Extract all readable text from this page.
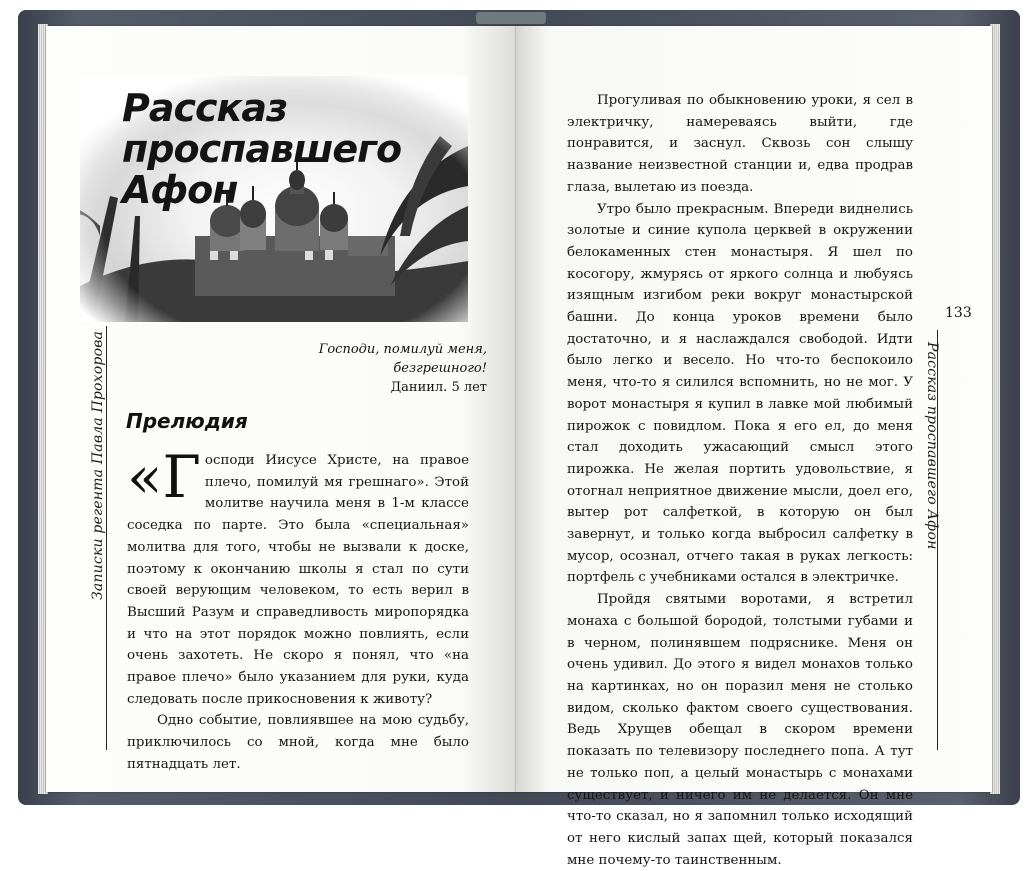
Записки регента Павла Прохорова
Рассказ
проспавшего
Афон
Господи, помилуй меня,
безгрешного!
Даниил. 5 лет
Прелюдия

«Господи Иисусе Христе, на правое плечо, помилуй мя грешнаго». Этой молитве научила меня в 1-м классе соседка по парте. Это была «специальная» молитва для того, чтобы не вызвали к доске, поэтому к окончанию школы я стал по сути своей верующим человеком, то есть верил в Высший Разум и справедливость миропорядка и что на этот порядок можно повлиять, если очень захотеть. Не скоро я понял, что «на правое плечо» было указанием для руки, куда следовать после прикосновения к животу?

Одно событие, повлиявшее на мою судьбу, приключилось со мной, когда мне было пятнадцать лет.

133
Рассказ проспавшего Афон

Прогуливая по обыкновению уроки, я сел в электричку, намереваясь выйти, где понравится, и заснул. Сквозь сон слышу название неизвестной станции и, едва продрав глаза, вылетаю из поезда.

Утро было прекрасным. Впереди виднелись золотые и синие купола церквей в окружении белокаменных стен монастыря. Я шел по косогору, жмурясь от яркого солнца и любуясь изящным изгибом реки вокруг монастырской башни. До конца уроков времени было достаточно, и я наслаждался свободой. Идти было легко и весело. Но что-то беспокоило меня, что-то я силился вспомнить, но не мог. У ворот монастыря я купил в лавке мой любимый пирожок с повидлом. Пока я его ел, до меня стал доходить ужасающий смысл этого пирожка. Не желая портить удовольствие, я отогнал неприятное движение мысли, доел его, вытер рот салфеткой, в которую он был завернут, и только когда выбросил салфетку в мусор, осознал, отчего такая в руках легкость: портфель с учебниками остался в электричке.

Пройдя святыми воротами, я встретил монаха с большой бородой, толстыми губами и в черном, полинявшем подряснике. Меня он очень удивил. До этого я видел монахов только на картинках, но он поразил меня не столько видом, сколько фактом своего существования. Ведь Хрущев обещал в скором времени показать по телевизору последнего попа. А тут не только поп, а целый монастырь с монахами существует, и ничего им не делается. Он мне что-то сказал, но я запомнил только исходящий от него кислый запах щей, который показался мне почему-то таинственным.
